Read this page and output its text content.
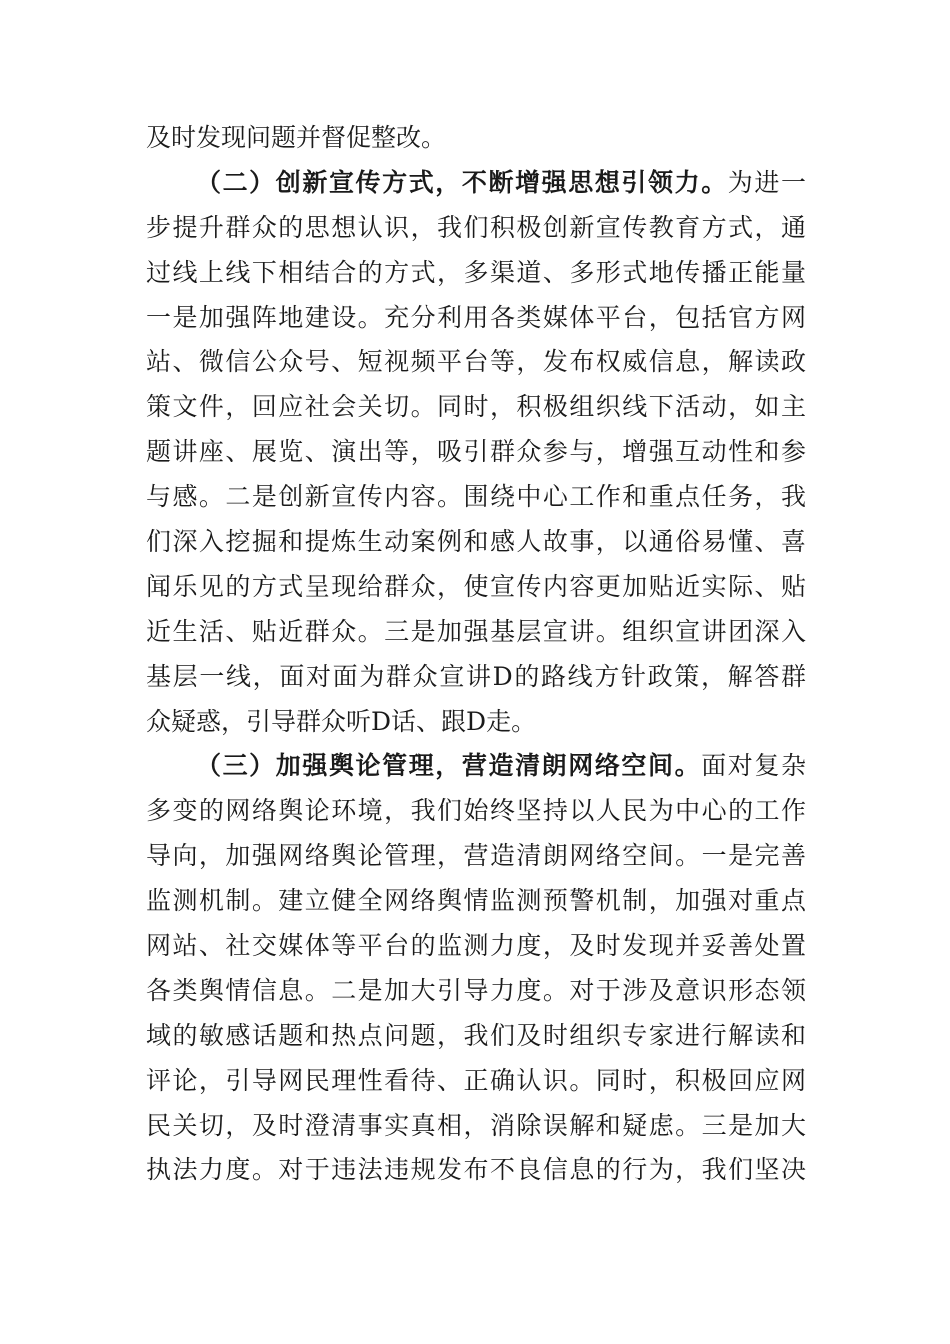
及时发现问题并督促整改。
（二）创新宣传方式，不断增强思想引领力。为进一
步提升群众的思想认识，我们积极创新宣传教育方式，通
过线上线下相结合的方式，多渠道、多形式地传播正能量
一是加强阵地建设。充分利用各类媒体平台，包括官方网
站、微信公众号、短视频平台等，发布权威信息，解读政
策文件，回应社会关切。同时，积极组织线下活动，如主
题讲座、展览、演出等，吸引群众参与，增强互动性和参
与感。二是创新宣传内容。围绕中心工作和重点任务，我
们深入挖掘和提炼生动案例和感人故事，以通俗易懂、喜
闻乐见的方式呈现给群众，使宣传内容更加贴近实际、贴
近生活、贴近群众。三是加强基层宣讲。组织宣讲团深入
基层一线，面对面为群众宣讲D的路线方针政策，解答群
众疑惑，引导群众听D话、跟D走。
（三）加强舆论管理，营造清朗网络空间。面对复杂
多变的网络舆论环境，我们始终坚持以人民为中心的工作
导向，加强网络舆论管理，营造清朗网络空间。一是完善
监测机制。建立健全网络舆情监测预警机制，加强对重点
网站、社交媒体等平台的监测力度，及时发现并妥善处置
各类舆情信息。二是加大引导力度。对于涉及意识形态领
域的敏感话题和热点问题，我们及时组织专家进行解读和
评论，引导网民理性看待、正确认识。同时，积极回应网
民关切，及时澄清事实真相，消除误解和疑虑。三是加大
执法力度。对于违法违规发布不良信息的行为，我们坚决
